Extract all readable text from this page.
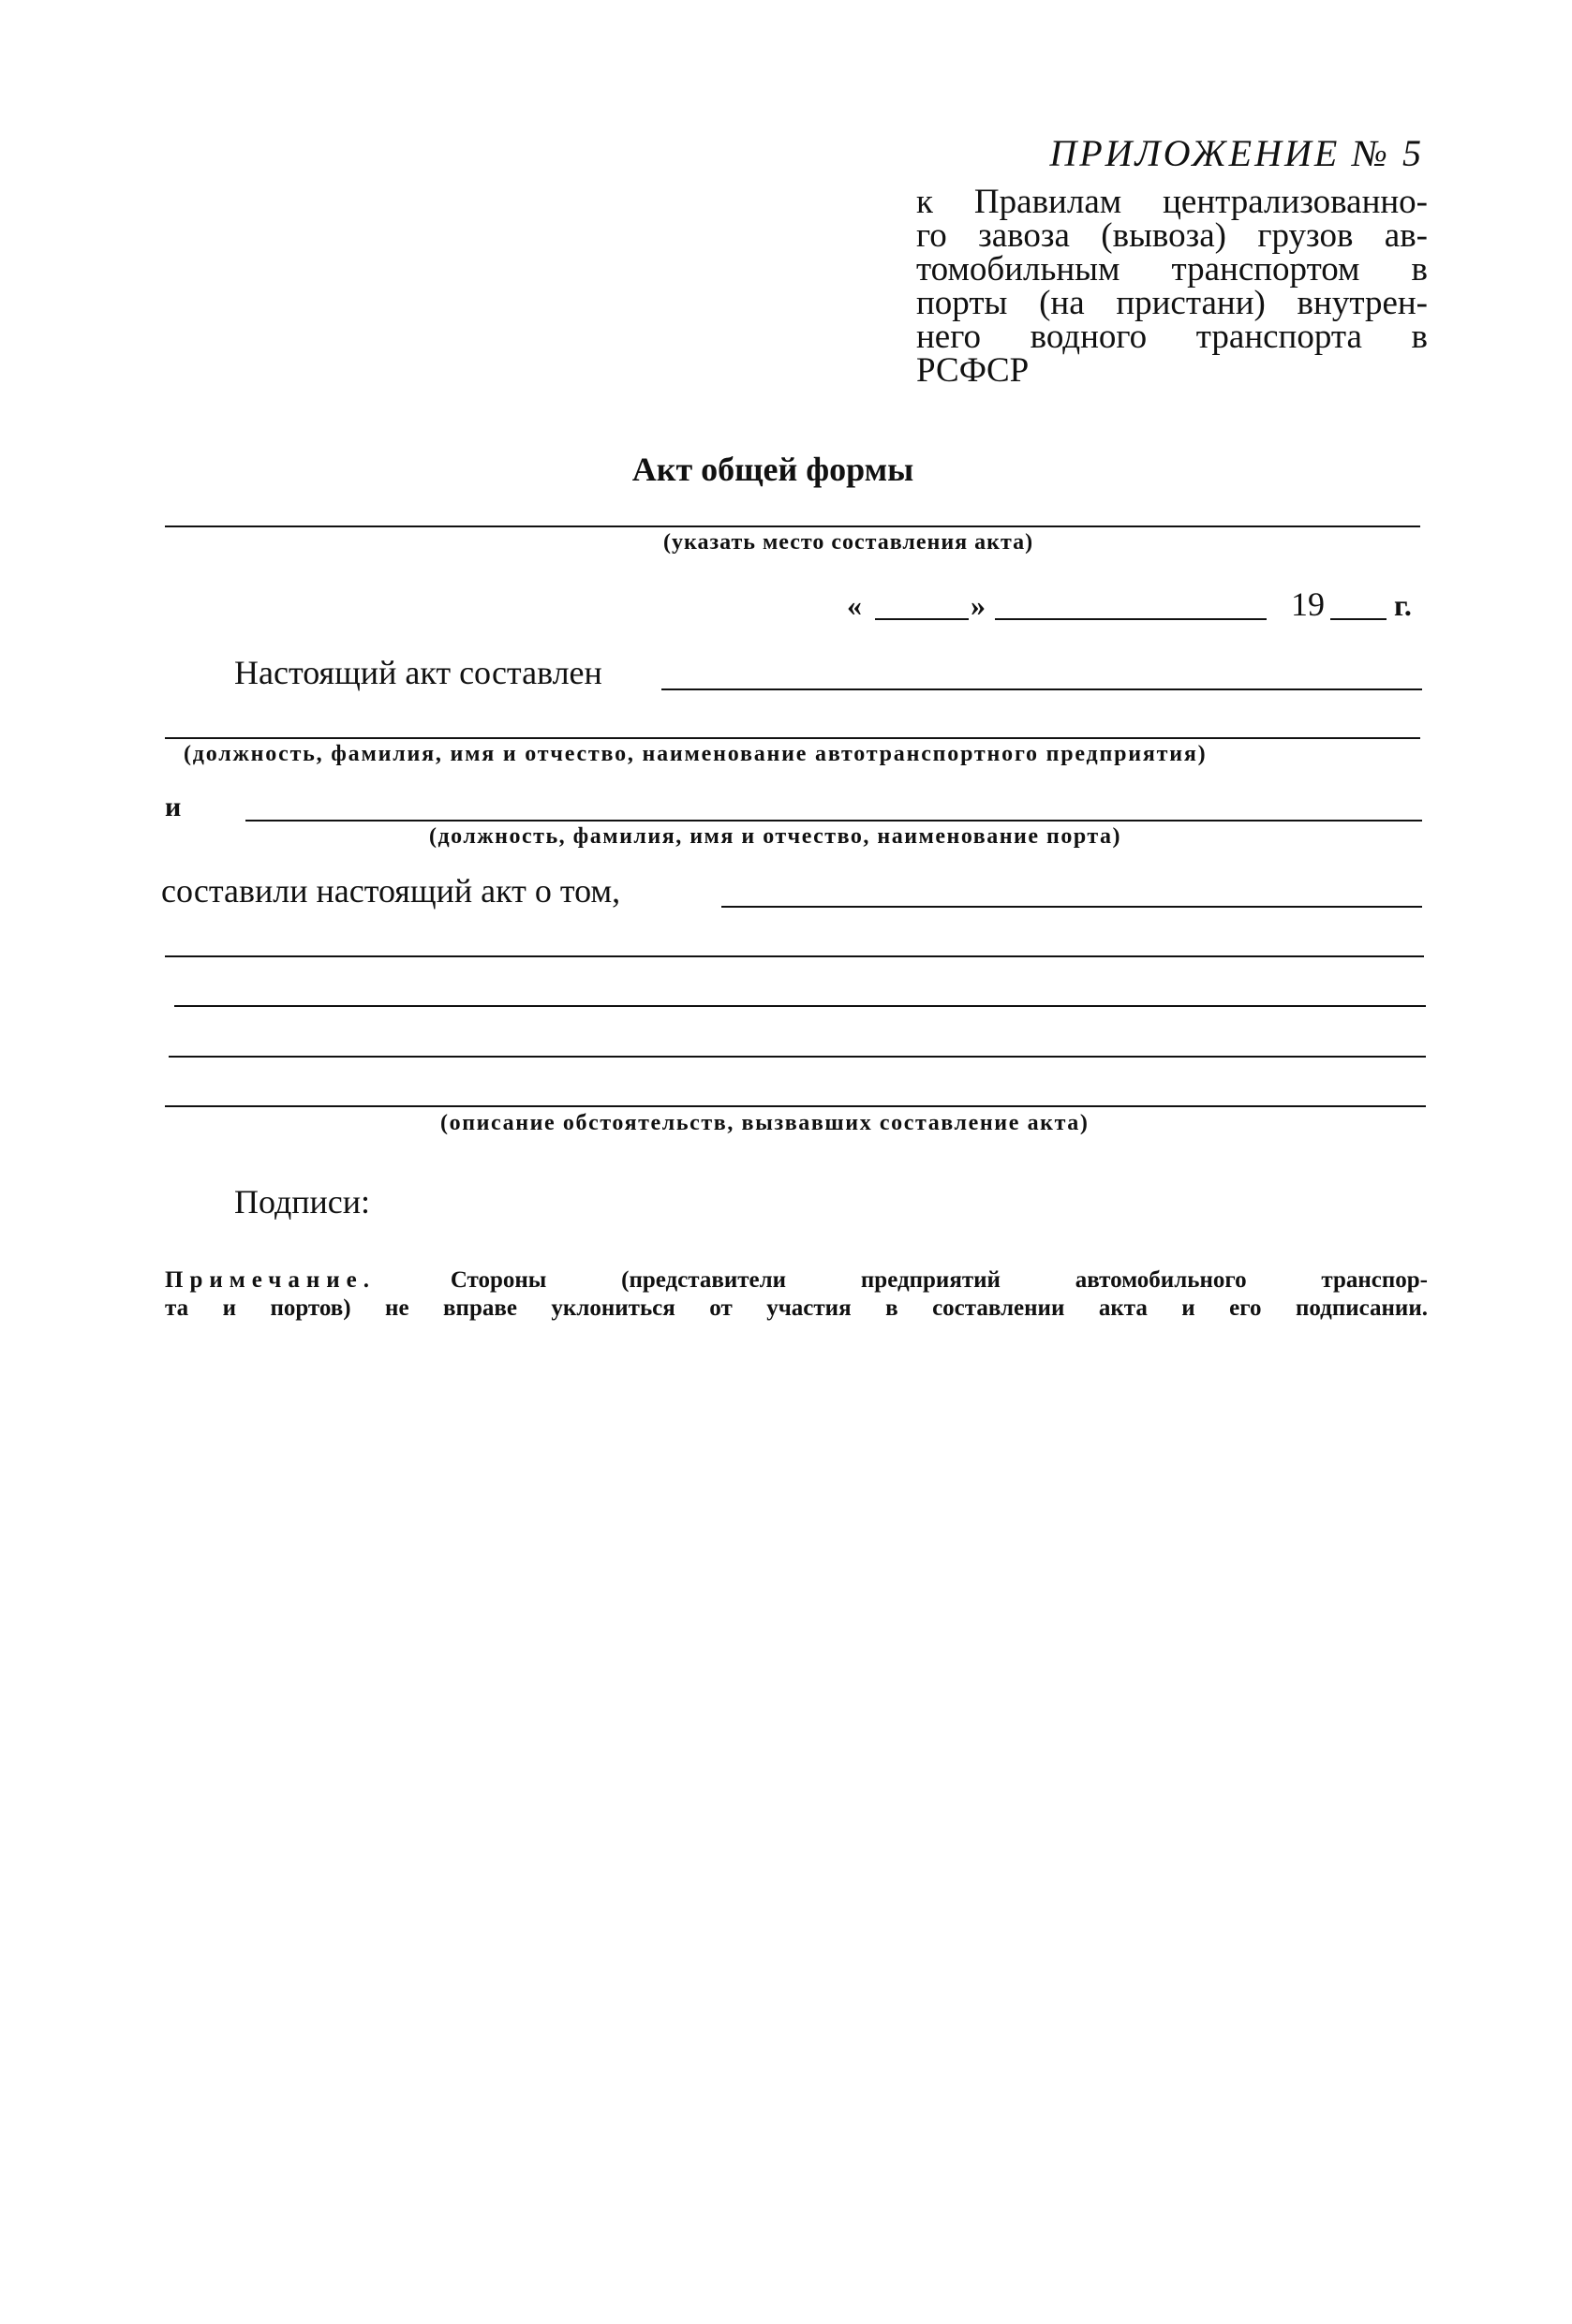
ПРИЛОЖЕНИЕ № 5
к Правилам централизованно-
го завоза (вывоза) грузов ав-
томобильным транспортом в
порты (на пристани) внутрен-
него водного транспорта в
РСФСР
Акт общей формы
(указать место составления акта)
«	»	19 г.
Настоящий акт составлен
(должность, фамилия, имя и отчество, наименование автотранспортного предприятия)
и
(должность, фамилия, имя и отчество, наименование порта)
составили настоящий акт о том,
(описание обстоятельств, вызвавших составление акта)
Подписи:
Примечание.	Стороны (представители предприятий автомобильного транспор-
та и портов) не вправе уклониться от участия в составлении акта и его подписании.
